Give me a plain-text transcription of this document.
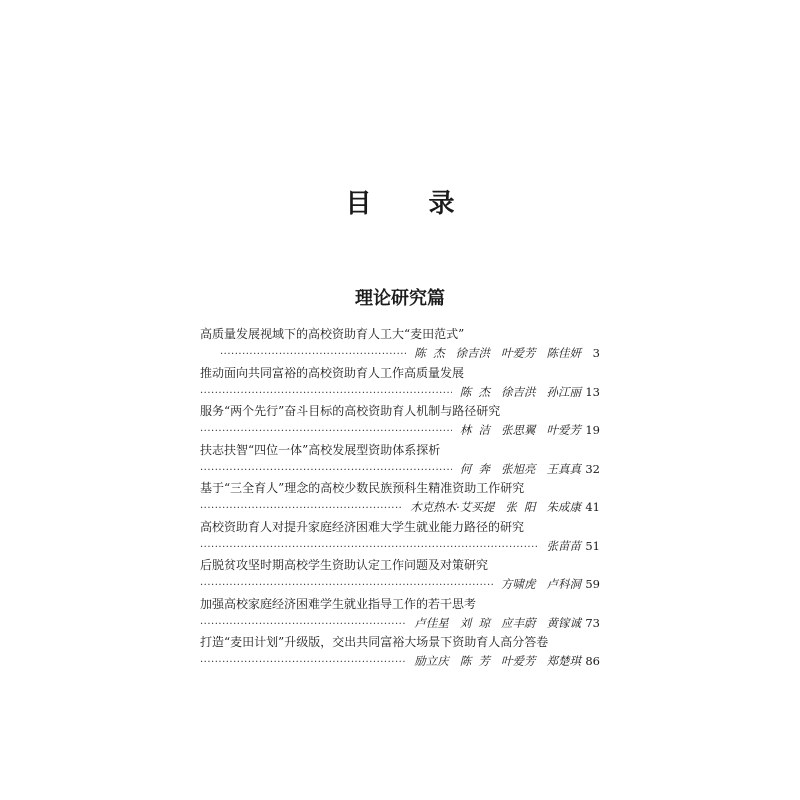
目 录
理论研究篇
高质量发展视域下的高校资助育人工大“麦田范式”
·····
陈  杰   徐吉洪   叶爱芳   陈佳妍	3
推动面向共同富裕的高校资助育人工作高质量发展
·····
陈  杰   徐吉洪   孙江丽 13
服务“两个先行”奋斗目标的高校资助育人机制与路径研究
·····
林  洁   张思翼   叶爱芳 19
扶志扶智“四位一体”高校发展型资助体系探析
·····
何  奔   张旭亮   王真真 32
基于“三全育人”理念的高校少数民族预科生精准资助工作研究
·····
木克热木·艾买提   张  阳   朱成康 41
高校资助育人对提升家庭经济困难大学生就业能力路径的研究
·····
张苗苗 51
后脱贫攻坚时期高校学生资助认定工作问题及对策研究
·····
方啸虎   卢科洞 59
加强高校家庭经济困难学生就业指导工作的若干思考
·····
卢佳星   刘  琼   应丰蔚   黄镓诚 73
打造“麦田计划”升级版，交出共同富裕大场景下资助育人高分答卷
·····
励立庆   陈  芳   叶爱芳   郑楚琪 86
